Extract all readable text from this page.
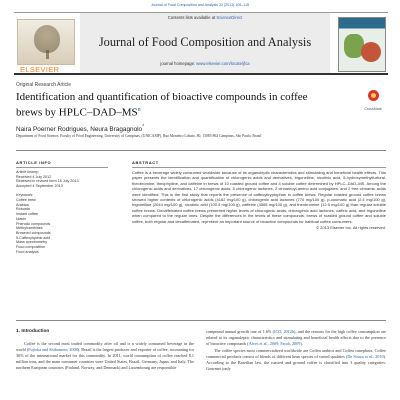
Journal of Food Composition and Analysis 32 (2013) 105–115
ELSEVIER
Contents lists available at ScienceDirect
Journal of Food Composition and Analysis
journal homepage: www.elsevier.com/locate/jfca
Original Research Article
Identification and quantification of bioactive compounds in coffee brews by HPLC–$DAD-MS^n$	CrossMark
Naira Poerner Rodrigues, Neura Bragagnolo*
Department of Food Science, Faculty of Food Engineering, University of Campinas, (UNICAMP), Rua Monteiro Lobato, 80, 13083-862 Campinas, São Paulo, Brazil
ARTICLE INFO
Article history:
Received 4 July 2012
Received in revised form 18 July 2013
Accepted 4 September 2013
Keywords:
Coffee brew
Arabica
Robusta
Instant coffee
Niacin
Phenolic compounds
Methylxanthines
Browned compounds
5-Caffeoylquinic acid
Mass spectrometry
Food composition
Food analysis
ABSTRACT
Coffee is a beverage widely consumed worldwide because of its organoleptic characteristics and stimulating and beneficial health effects. This paper presents the identification and quantification of chlorogenic acids and derivatives, trigonelline, nicotinic acid, 5-hydroxymethylfurfural, theobromine, theophylline, and caffeine in brews of 10 roasted ground coffee and 4 soluble coffee determined by HPLC–DAD–MS. Among the chlorogenic acids and derivatives, 17 chlorogenic acids, 5 chlorogenic lactones, 2 cinnamoyl-amino acid conjugates, and 2 free cinnamic acids were identified. This is the first study that reports the presence of caffeoyltryptophan in coffee brews. Regular roasted ground coffee brews showed higher contents of chlorogenic acids (4162 mg/100 g), chlorogenic acid lactones (770 mg/100 g), p-coumaric acid (2.4 mg/100 g), trigonelline (2044 mg/100 g), nicotinic acid (100.4 mg/100 g), caffeine (4565 mg/100 g), and theobromine (12.5 mg/100 g) than regular soluble coffee brews. Decaffeinated coffee brews presented higher levels of chlorogenic acids, chlorogenic acid lactones, caffeic acid, and trigonelline when compared to the regular ones. Despite the differences in the levels of these compounds, brews of roasted ground coffee and soluble coffee, both regular and decaffeinated, represent an important source of bioactive compounds for habitual coffee consumers.
© 2013 Elsevier Inc. All rights reserved.
1. Introduction
Coffee is the second most traded commodity after oil and is a widely consumed beverage in the world (Fujioka and Shibamoto, 2008). Brazil is the largest producer and exporter of coffee, accounting for 30% of the international market for this commodity. In 2011, world consumption of coffee reached 8.1 million tons, and the main consumer countries were United States, Brazil, Germany, Japan, and Italy. The northern European countries (Finland, Norway, and Denmark) and Luxembourg are responsible

compound annual growth rate of 1.6% (ICO, 2012b), and the reasons for the high coffee consumption are related to its organoleptic characteristics and stimulating and beneficial health effects due to the presence of bioactive compounds (Alves et al., 2009; Farah, 2009).

The coffee species most commercialized worldwide are Coffea arabica and Coffea canephora. Coffee commercial products consist of blends of different bean species of varied qualities (De Souza et al., 2010). According to the Brazilian law, the roasted and ground coffee is classified into 3 quality categories: Gourmet (only
